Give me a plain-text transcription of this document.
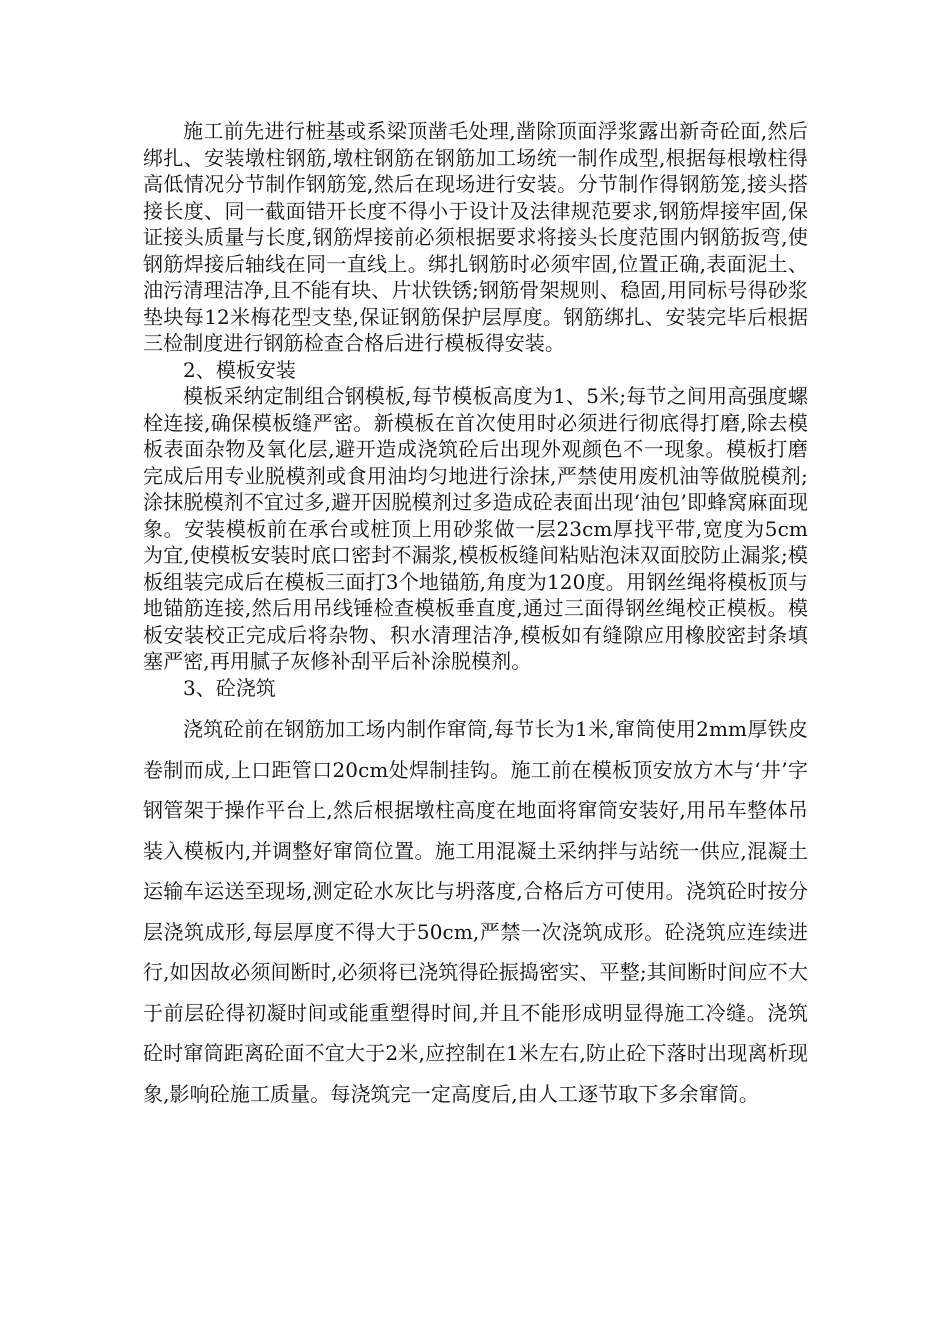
施工前先进行桩基或系梁顶凿毛处理,凿除顶面浮浆露出新奇砼面,然后绑扎、安装墩柱钢筋,墩柱钢筋在钢筋加工场统一制作成型,根据每根墩柱得高低情况分节制作钢筋笼,然后在现场进行安装。分节制作得钢筋笼,接头搭接长度、同一截面错开长度不得小于设计及法律规范要求,钢筋焊接牢固,保证接头质量与长度,钢筋焊接前必须根据要求将接头长度范围内钢筋扳弯,使钢筋焊接后轴线在同一直线上。绑扎钢筋时必须牢固,位置正确,表面泥土、油污清理洁净,且不能有块、片状铁锈;钢筋骨架规则、稳固,用同标号得砂浆垫块每12米梅花型支垫,保证钢筋保护层厚度。钢筋绑扎、安装完毕后根据三检制度进行钢筋检查合格后进行模板得安装。

2、模板安装

模板采纳定制组合钢模板,每节模板高度为1、5米;每节之间用高强度螺栓连接,确保模板缝严密。新模板在首次使用时必须进行彻底得打磨,除去模板表面杂物及氧化层,避开造成浇筑砼后出现外观颜色不一现象。模板打磨完成后用专业脱模剂或食用油均匀地进行涂抹,严禁使用废机油等做脱模剂;涂抹脱模剂不宜过多,避开因脱模剂过多造成砼表面出现‘油包’即蜂窝麻面现象。安装模板前在承台或桩顶上用砂浆做一层23cm厚找平带,宽度为5cm为宜,使模板安装时底口密封不漏浆,模板板缝间粘贴泡沫双面胶防止漏浆;模板组装完成后在模板三面打3个地锚筋,角度为120度。用钢丝绳将模板顶与地锚筋连接,然后用吊线锤检查模板垂直度,通过三面得钢丝绳校正模板。模板安装校正完成后将杂物、积水清理洁净,模板如有缝隙应用橡胶密封条填塞严密,再用腻子灰修补刮平后补涂脱模剂。

3、砼浇筑

浇筑砼前在钢筋加工场内制作窜筒,每节长为1米,窜筒使用2mm厚铁皮卷制而成,上口距管口20cm处焊制挂钩。施工前在模板顶安放方木与‘井’字钢管架于操作平台上,然后根据墩柱高度在地面将窜筒安装好,用吊车整体吊装入模板内,并调整好窜筒位置。施工用混凝土采纳拌与站统一供应,混凝土运输车运送至现场,测定砼水灰比与坍落度,合格后方可使用。浇筑砼时按分层浇筑成形,每层厚度不得大于50cm,严禁一次浇筑成形。砼浇筑应连续进行,如因故必须间断时,必须将已浇筑得砼振捣密实、平整;其间断时间应不大于前层砼得初凝时间或能重塑得时间,并且不能形成明显得施工冷缝。浇筑砼时窜筒距离砼面不宜大于2米,应控制在1米左右,防止砼下落时出现离析现象,影响砼施工质量。每浇筑完一定高度后,由人工逐节取下多余窜筒。
